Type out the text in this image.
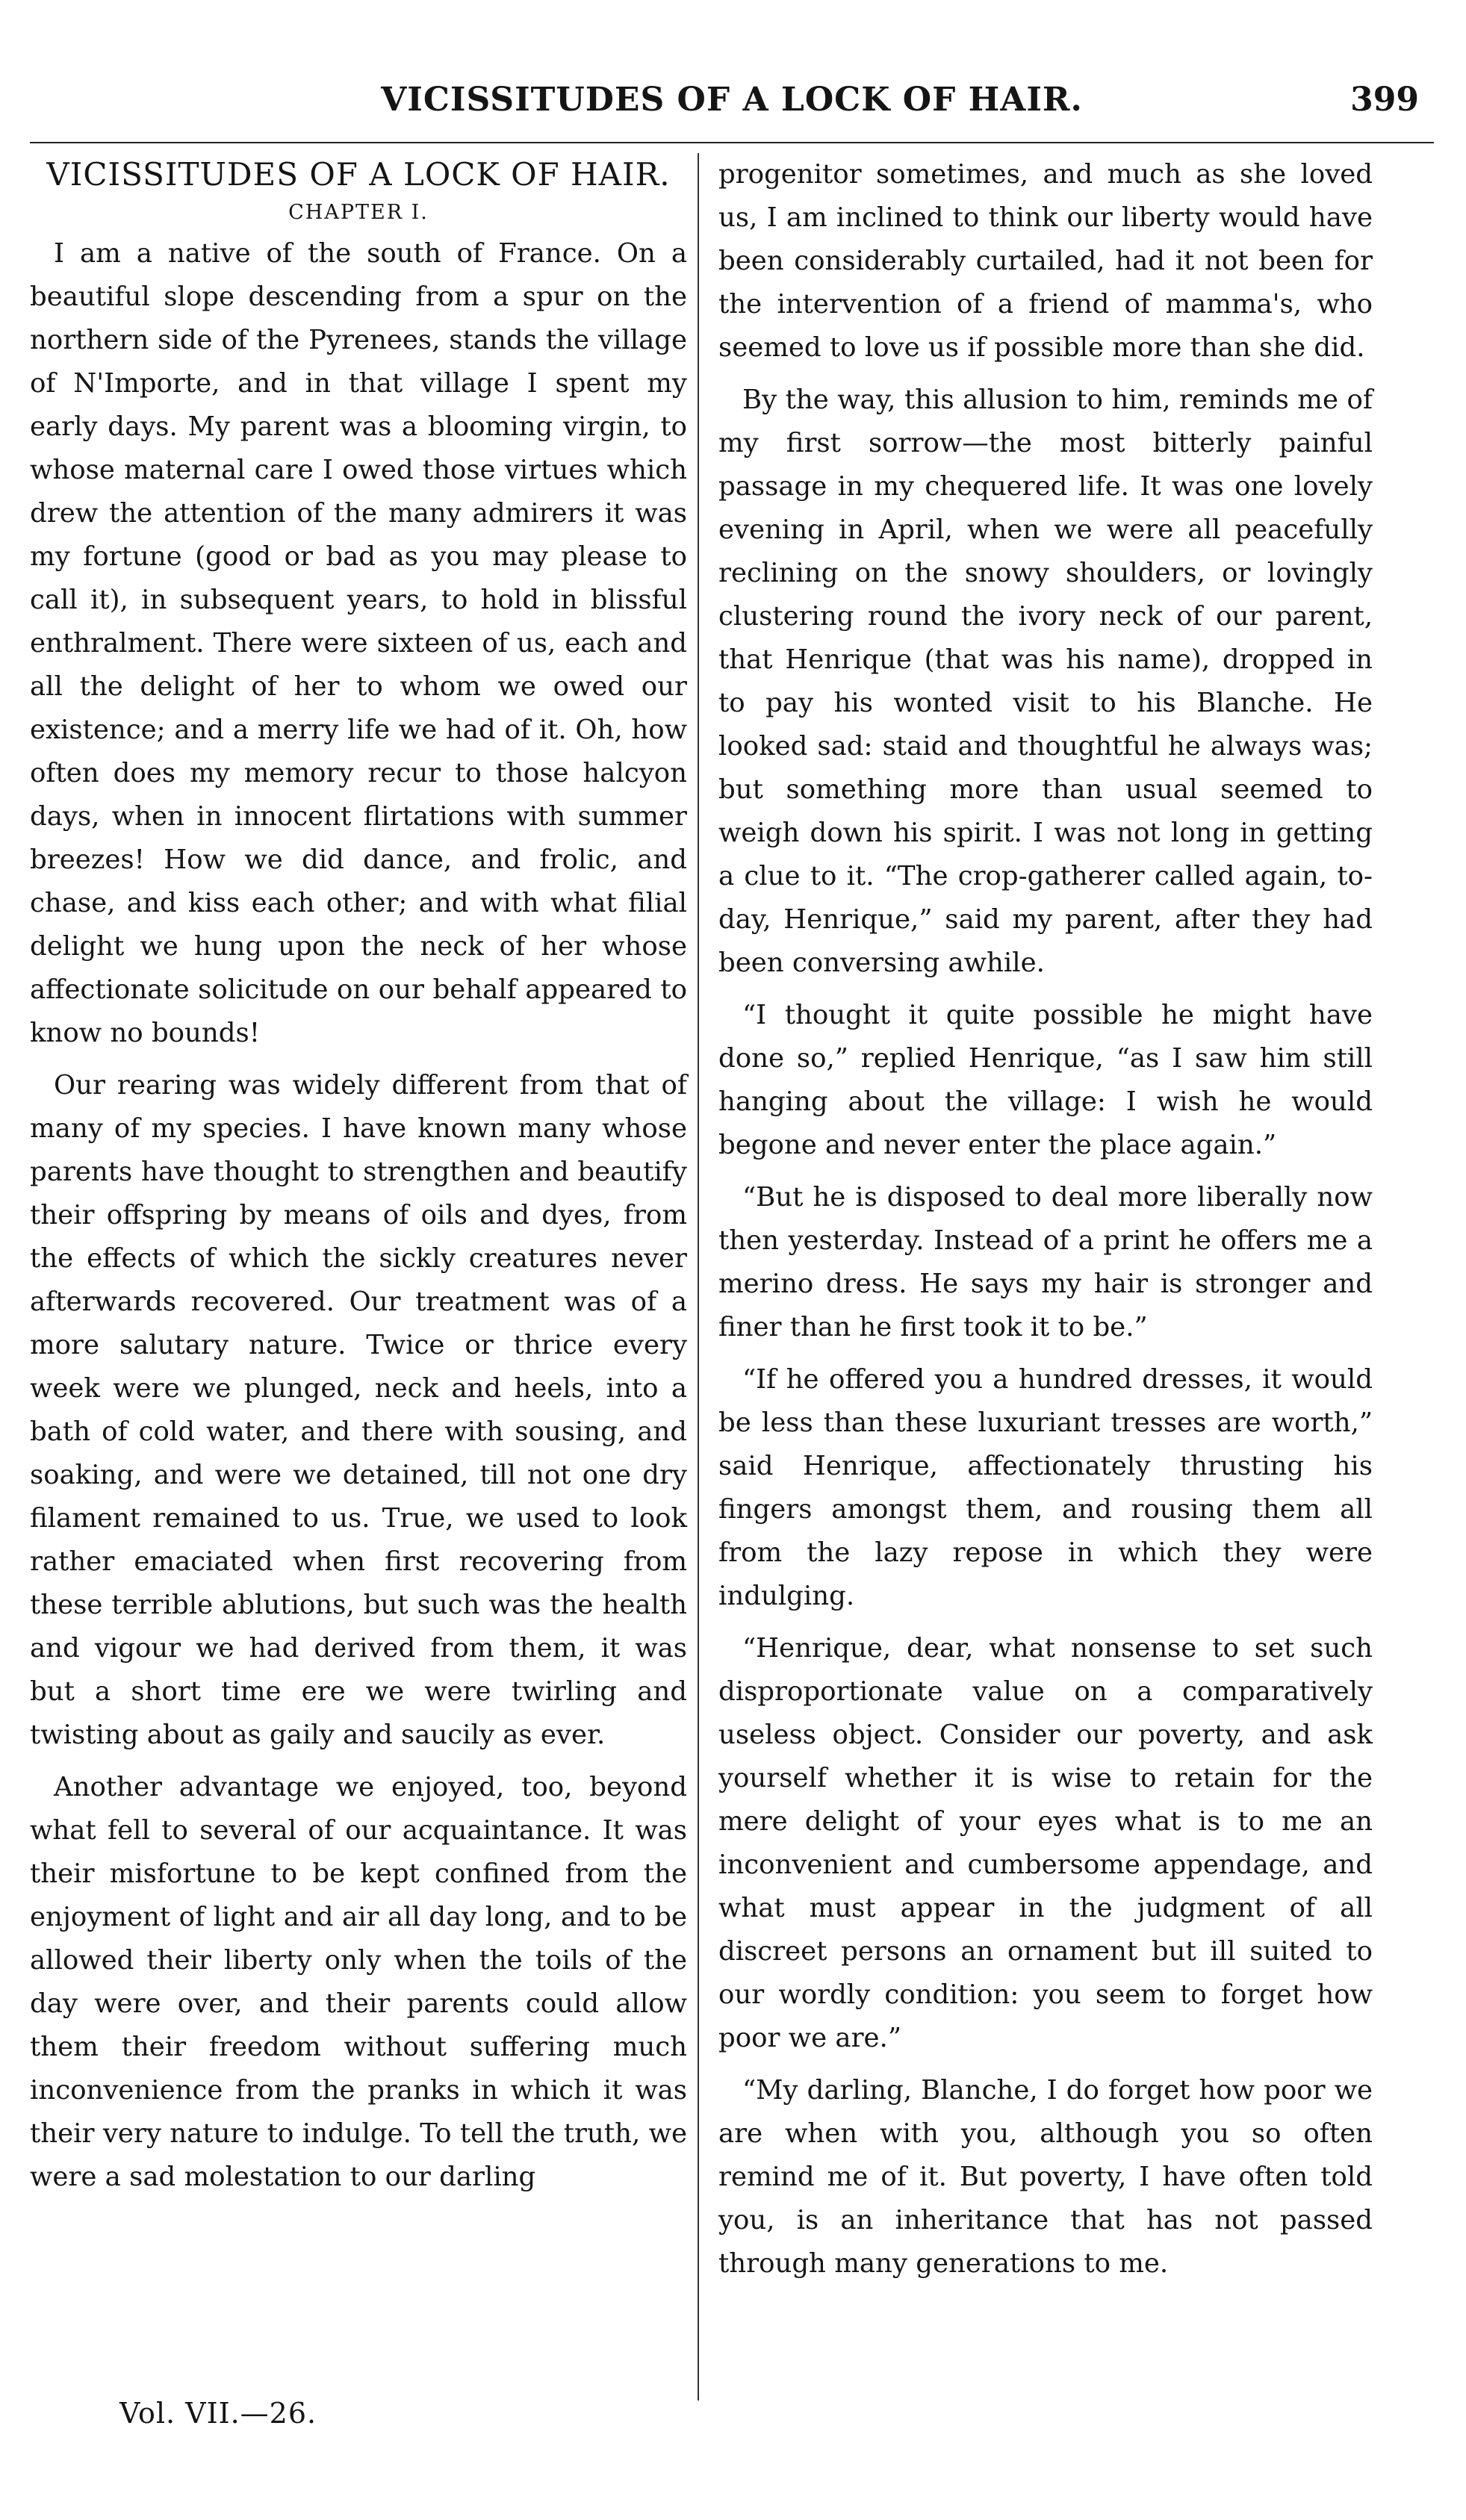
VICISSITUDES OF A LOCK OF HAIR.	399
VICISSITUDES OF A LOCK OF HAIR.
CHAPTER I.

I am a native of the south of France. On a beautiful slope descending from a spur on the northern side of the Pyrenees, stands the village of N'Importe, and in that village I spent my early days. My parent was a blooming virgin, to whose maternal care I owed those virtues which drew the attention of the many admirers it was my fortune (good or bad as you may please to call it), in subsequent years, to hold in blissful enthralment. There were sixteen of us, each and all the delight of her to whom we owed our existence; and a merry life we had of it. Oh, how often does my memory recur to those halcyon days, when in innocent flirtations with summer breezes! How we did dance, and frolic, and chase, and kiss each other; and with what filial delight we hung upon the neck of her whose affectionate solicitude on our behalf appeared to know no bounds!

Our rearing was widely different from that of many of my species. I have known many whose parents have thought to strengthen and beautify their offspring by means of oils and dyes, from the effects of which the sickly creatures never afterwards recovered. Our treatment was of a more salutary nature. Twice or thrice every week were we plunged, neck and heels, into a bath of cold water, and there with sousing, and soaking, and were we detained, till not one dry filament remained to us. True, we used to look rather emaciated when first recovering from these terrible ablutions, but such was the health and vigour we had derived from them, it was but a short time ere we were twirling and twisting about as gaily and saucily as ever.

Another advantage we enjoyed, too, beyond what fell to several of our acquaintance. It was their misfortune to be kept confined from the enjoyment of light and air all day long, and to be allowed their liberty only when the toils of the day were over, and their parents could allow them their freedom without suffering much inconvenience from the pranks in which it was their very nature to indulge. To tell the truth, we were a sad molestation to our darling

progenitor sometimes, and much as she loved us, I am inclined to think our liberty would have been considerably curtailed, had it not been for the intervention of a friend of mamma's, who seemed to love us if possible more than she did.

By the way, this allusion to him, reminds me of my first sorrow—the most bitterly painful passage in my chequered life. It was one lovely evening in April, when we were all peacefully reclining on the snowy shoulders, or lovingly clustering round the ivory neck of our parent, that Henrique (that was his name), dropped in to pay his wonted visit to his Blanche. He looked sad: staid and thoughtful he always was; but something more than usual seemed to weigh down his spirit. I was not long in getting a clue to it. “The crop-gatherer called again, to-day, Henrique,” said my parent, after they had been conversing awhile.

“I thought it quite possible he might have done so,” replied Henrique, “as I saw him still hanging about the village: I wish he would begone and never enter the place again.”

“But he is disposed to deal more liberally now then yesterday. Instead of a print he offers me a merino dress. He says my hair is stronger and finer than he first took it to be.”

“If he offered you a hundred dresses, it would be less than these luxuriant tresses are worth,” said Henrique, affectionately thrusting his fingers amongst them, and rousing them all from the lazy repose in which they were indulging.

“Henrique, dear, what nonsense to set such disproportionate value on a comparatively useless object. Consider our poverty, and ask yourself whether it is wise to retain for the mere delight of your eyes what is to me an inconvenient and cumbersome appendage, and what must appear in the judgment of all discreet persons an ornament but ill suited to our wordly condition: you seem to forget how poor we are.”

“My darling, Blanche, I do forget how poor we are when with you, although you so often remind me of it. But poverty, I have often told you, is an inheritance that has not passed through many generations to me.

Vol. VII.—26.
